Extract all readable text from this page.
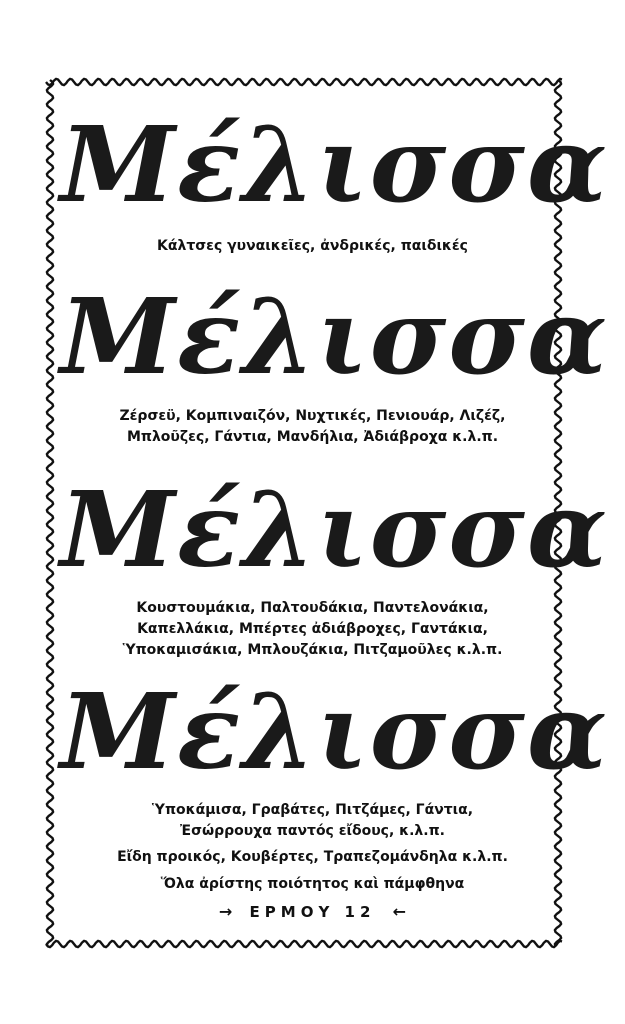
Μέλισσα
Κάλτσες γυναικεῖες, ἀνδρικές, παιδικές
Μέλισσα
Ζέρσεϋ, Κομπιναιζόν, Νυχτικές, Πενιουάρ, Λιζέζ,
Μπλοῦζες, Γάντια, Μανδήλια, Ἀδιάβροχα κ.λ.π.
Μέλισσα
Κουστουμάκια, Παλτουδάκια, Παντελονάκια,
Καπελλάκια, Μπέρτες ἀδιάβροχες, Γαντάκια,
Ὑποκαμισάκια, Μπλουζάκια, Πιτζαμοῦλες κ.λ.π.
Μέλισσα
Ὑποκάμισα, Γραβάτες, Πιτζάμες, Γάντια,
Ἐσώρρουχα παντός εἴδους, κ.λ.π.
Εἴδη προικός, Κουβέρτες, Τραπεζομάνδηλα κ.λ.π.
Ὅλα ἀρίστης ποιότητος καὶ πάμφθηνα
→ ΕΡΜΟΥ 12 ←
